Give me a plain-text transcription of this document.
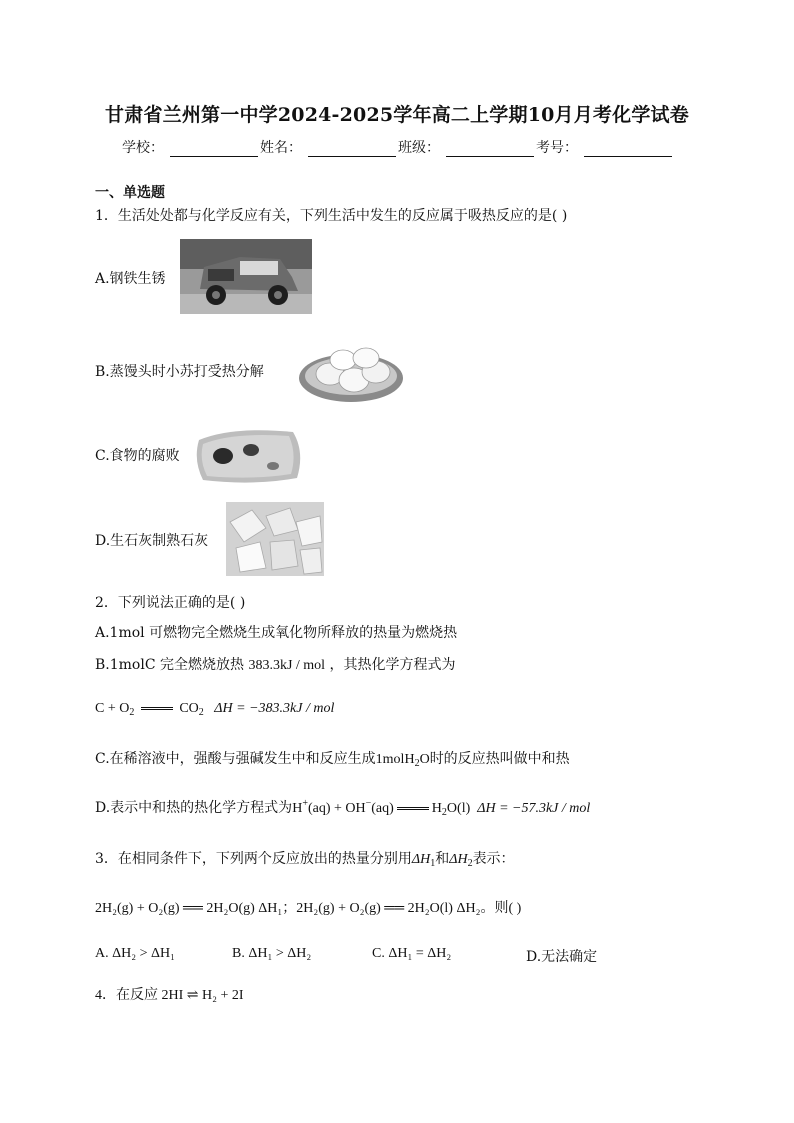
甘肃省兰州第一中学2024-2025学年高二上学期10月月考化学试卷
学校：	姓名：	班级：	考号：
一、单选题
1．生活处处都与化学反应有关，下列生活中发生的反应属于吸热反应的是( )
A.钢铁生锈
B.蒸馒头时小苏打受热分解
C.食物的腐败
D.生石灰制熟石灰
2．下列说法正确的是( )
A.1mol 可燃物完全燃烧生成氧化物所释放的热量为燃烧热
B.1molC 完全燃烧放热 383.3kJ / mol ，其热化学方程式为
$C + O_2$	$CO_2$ ΔH = −383.3kJ / mol
C.在稀溶液中，强酸与强碱发生中和反应生成1molH$_2$O时的反应热叫做中和热
D.表示中和热的热化学方程式为H+(aq) + OH−(aq)	$H_2O(l) \Delta H = -57.3kJ$ / mol
3．在相同条件下，下列两个反应放出的热量分别用$\Delta H_1$和$\Delta H_2$表示：
2H₂(g) + O₂(g) ══ 2H₂O(g) ΔH₁；2H₂(g) + O₂(g) ══ 2H₂O(l) ΔH₂。则( )
A. ΔH₂ > ΔH₁	B. ΔH₁ > ΔH₂	C. ΔH₁ = ΔH₂	D.无法确定
4．在反应 2HI ⇌ H₂ + 2I
